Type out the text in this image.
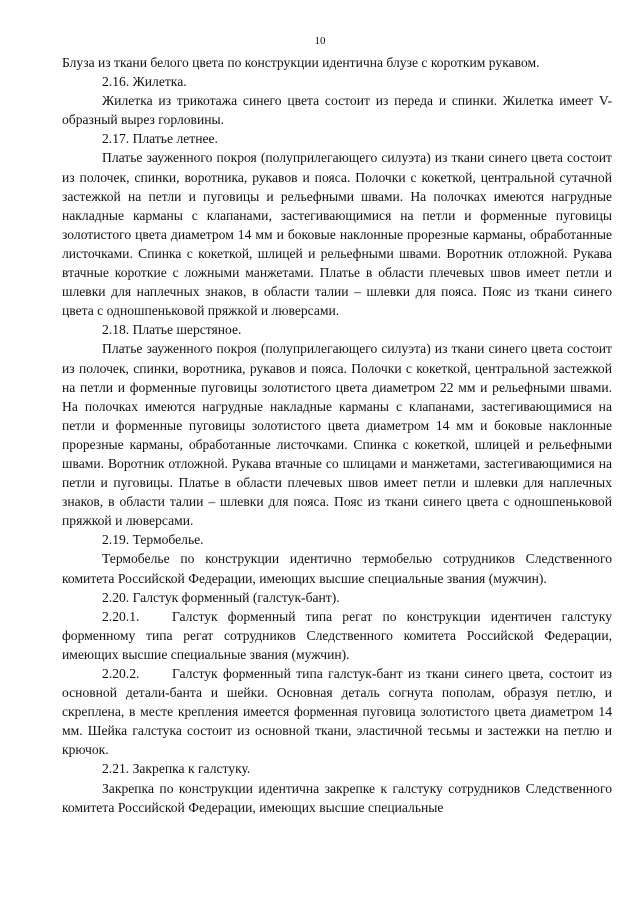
10

Блуза из ткани белого цвета по конструкции идентична блузе с коротким рукавом.

2.16. Жилетка.

Жилетка из трикотажа синего цвета состоит из переда и спинки. Жилетка имеет V-образный вырез горловины.

2.17. Платье летнее.

Платье зауженного покроя (полуприлегающего силуэта) из ткани синего цвета состоит из полочек, спинки, воротника, рукавов и пояса. Полочки с кокеткой, центральной сутачной застежкой на петли и пуговицы и рельефными швами. На полочках имеются нагрудные накладные карманы с клапанами, застегивающимися на петли и форменные пуговицы золотистого цвета диаметром 14 мм и боковые наклонные прорезные карманы, обработанные листочками. Спинка с кокеткой, шлицей и рельефными швами. Воротник отложной. Рукава втачные короткие с ложными манжетами. Платье в области плечевых швов имеет петли и шлевки для наплечных знаков, в области талии – шлевки для пояса. Пояс из ткани синего цвета с одношпеньковой пряжкой и люверсами.

2.18. Платье шерстяное.

Платье зауженного покроя (полуприлегающего силуэта) из ткани синего цвета состоит из полочек, спинки, воротника, рукавов и пояса. Полочки с кокеткой, центральной застежкой на петли и форменные пуговицы золотистого цвета диаметром 22 мм и рельефными швами. На полочках имеются нагрудные накладные карманы с клапанами, застегивающимися на петли и форменные пуговицы золотистого цвета диаметром 14 мм и боковые наклонные прорезные карманы, обработанные листочками. Спинка с кокеткой, шлицей и рельефными швами. Воротник отложной. Рукава втачные со шлицами и манжетами, застегивающимися на петли и пуговицы. Платье в области плечевых швов имеет петли и шлевки для наплечных знаков, в области талии – шлевки для пояса. Пояс из ткани синего цвета с одношпеньковой пряжкой и люверсами.

2.19. Термобелье.

Термобелье по конструкции идентично термобелью сотрудников Следственного комитета Российской Федерации, имеющих высшие специальные звания (мужчин).

2.20. Галстук форменный (галстук-бант).

2.20.1. Галстук форменный типа регат по конструкции идентичен галстуку форменному типа регат сотрудников Следственного комитета Российской Федерации, имеющих высшие специальные звания (мужчин).

2.20.2. Галстук форменный типа галстук-бант из ткани синего цвета, состоит из основной детали-банта и шейки. Основная деталь согнута пополам, образуя петлю, и скреплена, в месте крепления имеется форменная пуговица золотистого цвета диаметром 14 мм. Шейка галстука состоит из основной ткани, эластичной тесьмы и застежки на петлю и крючок.

2.21. Закрепка к галстуку.

Закрепка по конструкции идентична закрепке к галстуку сотрудников Следственного комитета Российской Федерации, имеющих высшие специальные
